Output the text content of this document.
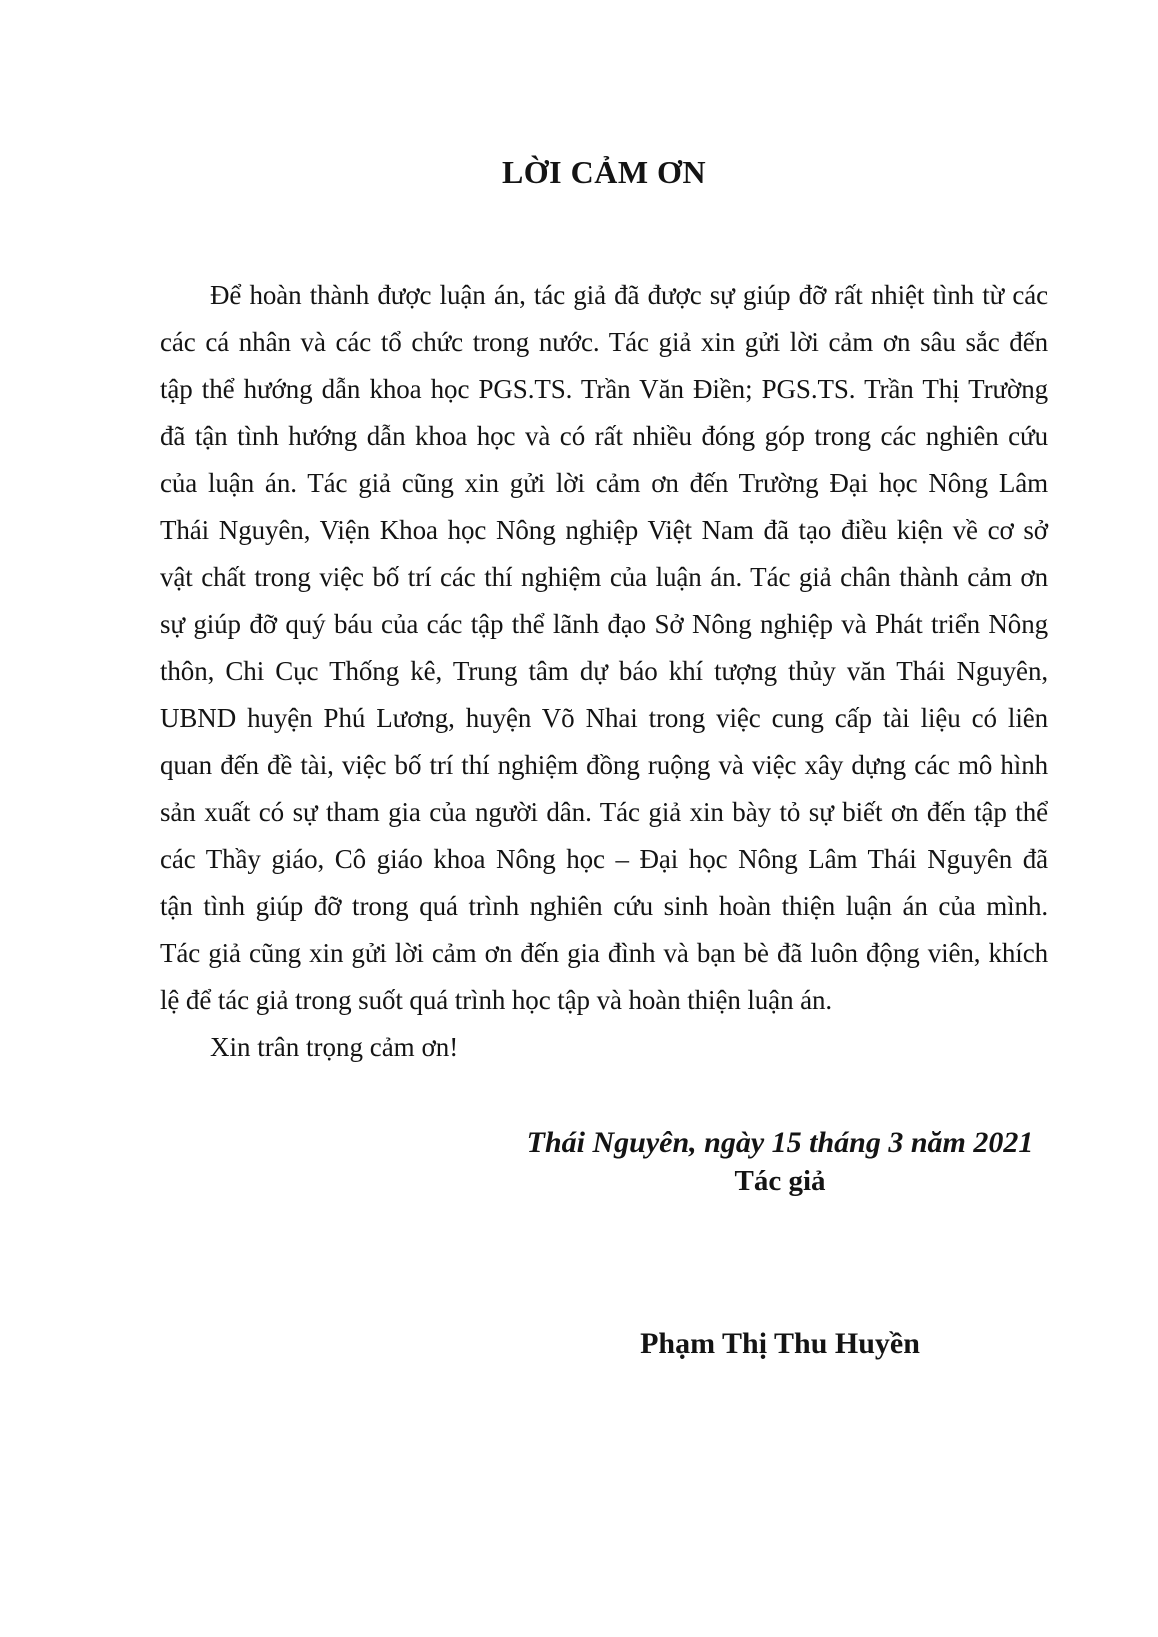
LỜI CẢM ƠN
Để hoàn thành được luận án, tác giả đã được sự giúp đỡ rất nhiệt tình từ các
các cá nhân và các tổ chức trong nước. Tác giả xin gửi lời cảm ơn sâu sắc đến
tập thể hướng dẫn khoa học PGS.TS. Trần Văn Điền; PGS.TS. Trần Thị Trường
đã tận tình hướng dẫn khoa học và có rất nhiều đóng góp trong các nghiên cứu
của luận án. Tác giả cũng xin gửi lời cảm ơn đến Trường Đại học Nông Lâm
Thái Nguyên, Viện Khoa học Nông nghiệp Việt Nam đã tạo điều kiện về cơ sở
vật chất trong việc bố trí các thí nghiệm của luận án. Tác giả chân thành cảm ơn
sự giúp đỡ quý báu của các tập thể lãnh đạo Sở Nông nghiệp và Phát triển Nông
thôn, Chi Cục Thống kê, Trung tâm dự báo khí tượng thủy văn Thái Nguyên,
UBND huyện Phú Lương, huyện Võ Nhai trong việc cung cấp tài liệu có liên
quan đến đề tài, việc bố trí thí nghiệm đồng ruộng và việc xây dựng các mô hình
sản xuất có sự tham gia của người dân. Tác giả xin bày tỏ sự biết ơn đến tập thể
các Thầy giáo, Cô giáo khoa Nông học – Đại học Nông Lâm Thái Nguyên đã
tận tình giúp đỡ trong quá trình nghiên cứu sinh hoàn thiện luận án của mình.
Tác giả cũng xin gửi lời cảm ơn đến gia đình và bạn bè đã luôn động viên, khích
lệ để tác giả trong suốt quá trình học tập và hoàn thiện luận án.

Xin trân trọng cảm ơn!

Thái Nguyên, ngày 15 tháng 3 năm 2021
Tác giả
Phạm Thị Thu Huyền
